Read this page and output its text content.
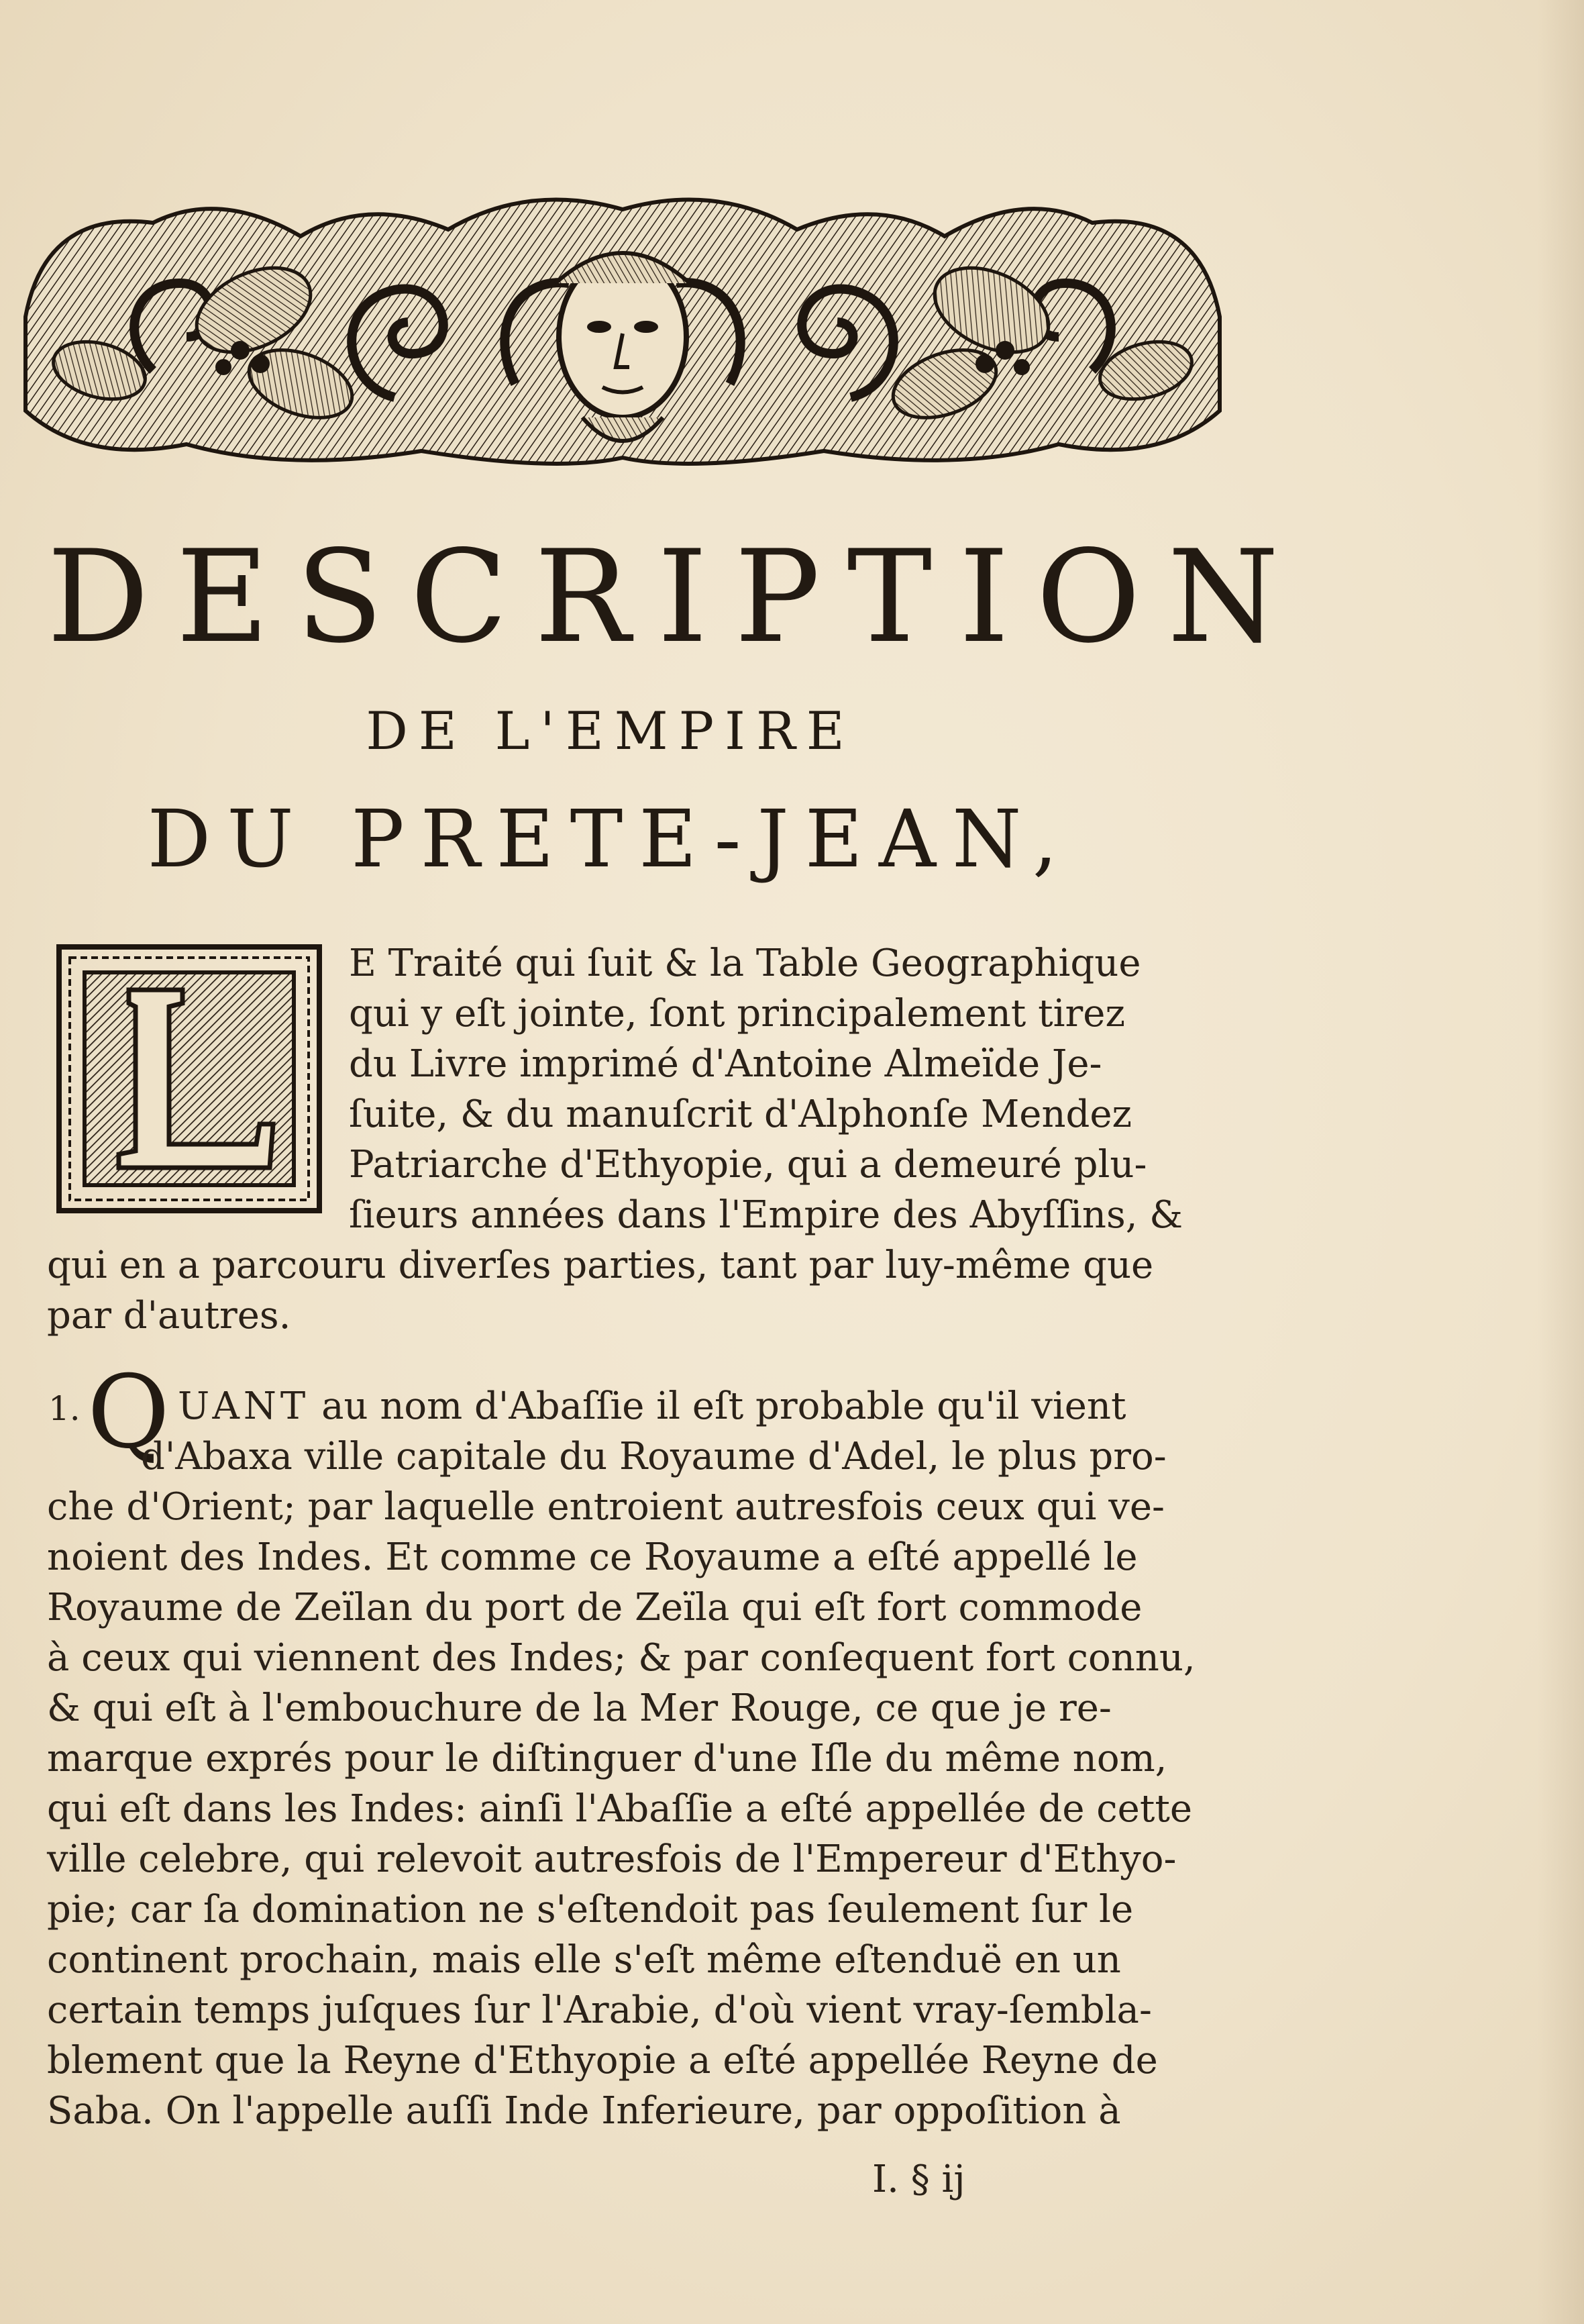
DESCRIPTION
DE L'EMPIRE
DU PRETE-JEAN,
E Traité qui ſuit & la Table Geographique
qui y eſt jointe, ſont principalement tirez
du Livre imprimé d'Antoine Almeïde Je-
ſuite, & du manuſcrit d'Alphonſe Mendez
Patriarche d'Ethyopie, qui a demeuré plu-
ſieurs années dans l'Empire des Abyſſins, &
qui en a parcouru diverſes parties, tant par luy-même que
par d'autres.
1. Q UANT au nom d'Abaſſie il eſt probable qu'il vient
d'Abaxa ville capitale du Royaume d'Adel, le plus pro-
che d'Orient; par laquelle entroient autresfois ceux qui ve-
noient des Indes. Et comme ce Royaume a eſté appellé le
Royaume de Zeïlan du port de Zeïla qui eſt fort commode
à ceux qui viennent des Indes; & par conſequent fort connu,
& qui eſt à l'embouchure de la Mer Rouge, ce que je re-
marque exprés pour le diſtinguer d'une Iſle du même nom,
qui eſt dans les Indes: ainſi l'Abaſſie a eſté appellée de cette
ville celebre, qui relevoit autresfois de l'Empereur d'Ethyo-
pie; car ſa domination ne s'eſtendoit pas ſeulement ſur le
continent prochain, mais elle s'eſt même eſtenduë en un
certain temps juſques ſur l'Arabie, d'où vient vray-ſembla-
blement que la Reyne d'Ethyopie a eſté appellée Reyne de
Saba. On l'appelle auſſi Inde Inferieure, par oppoſition à
I. § ij
